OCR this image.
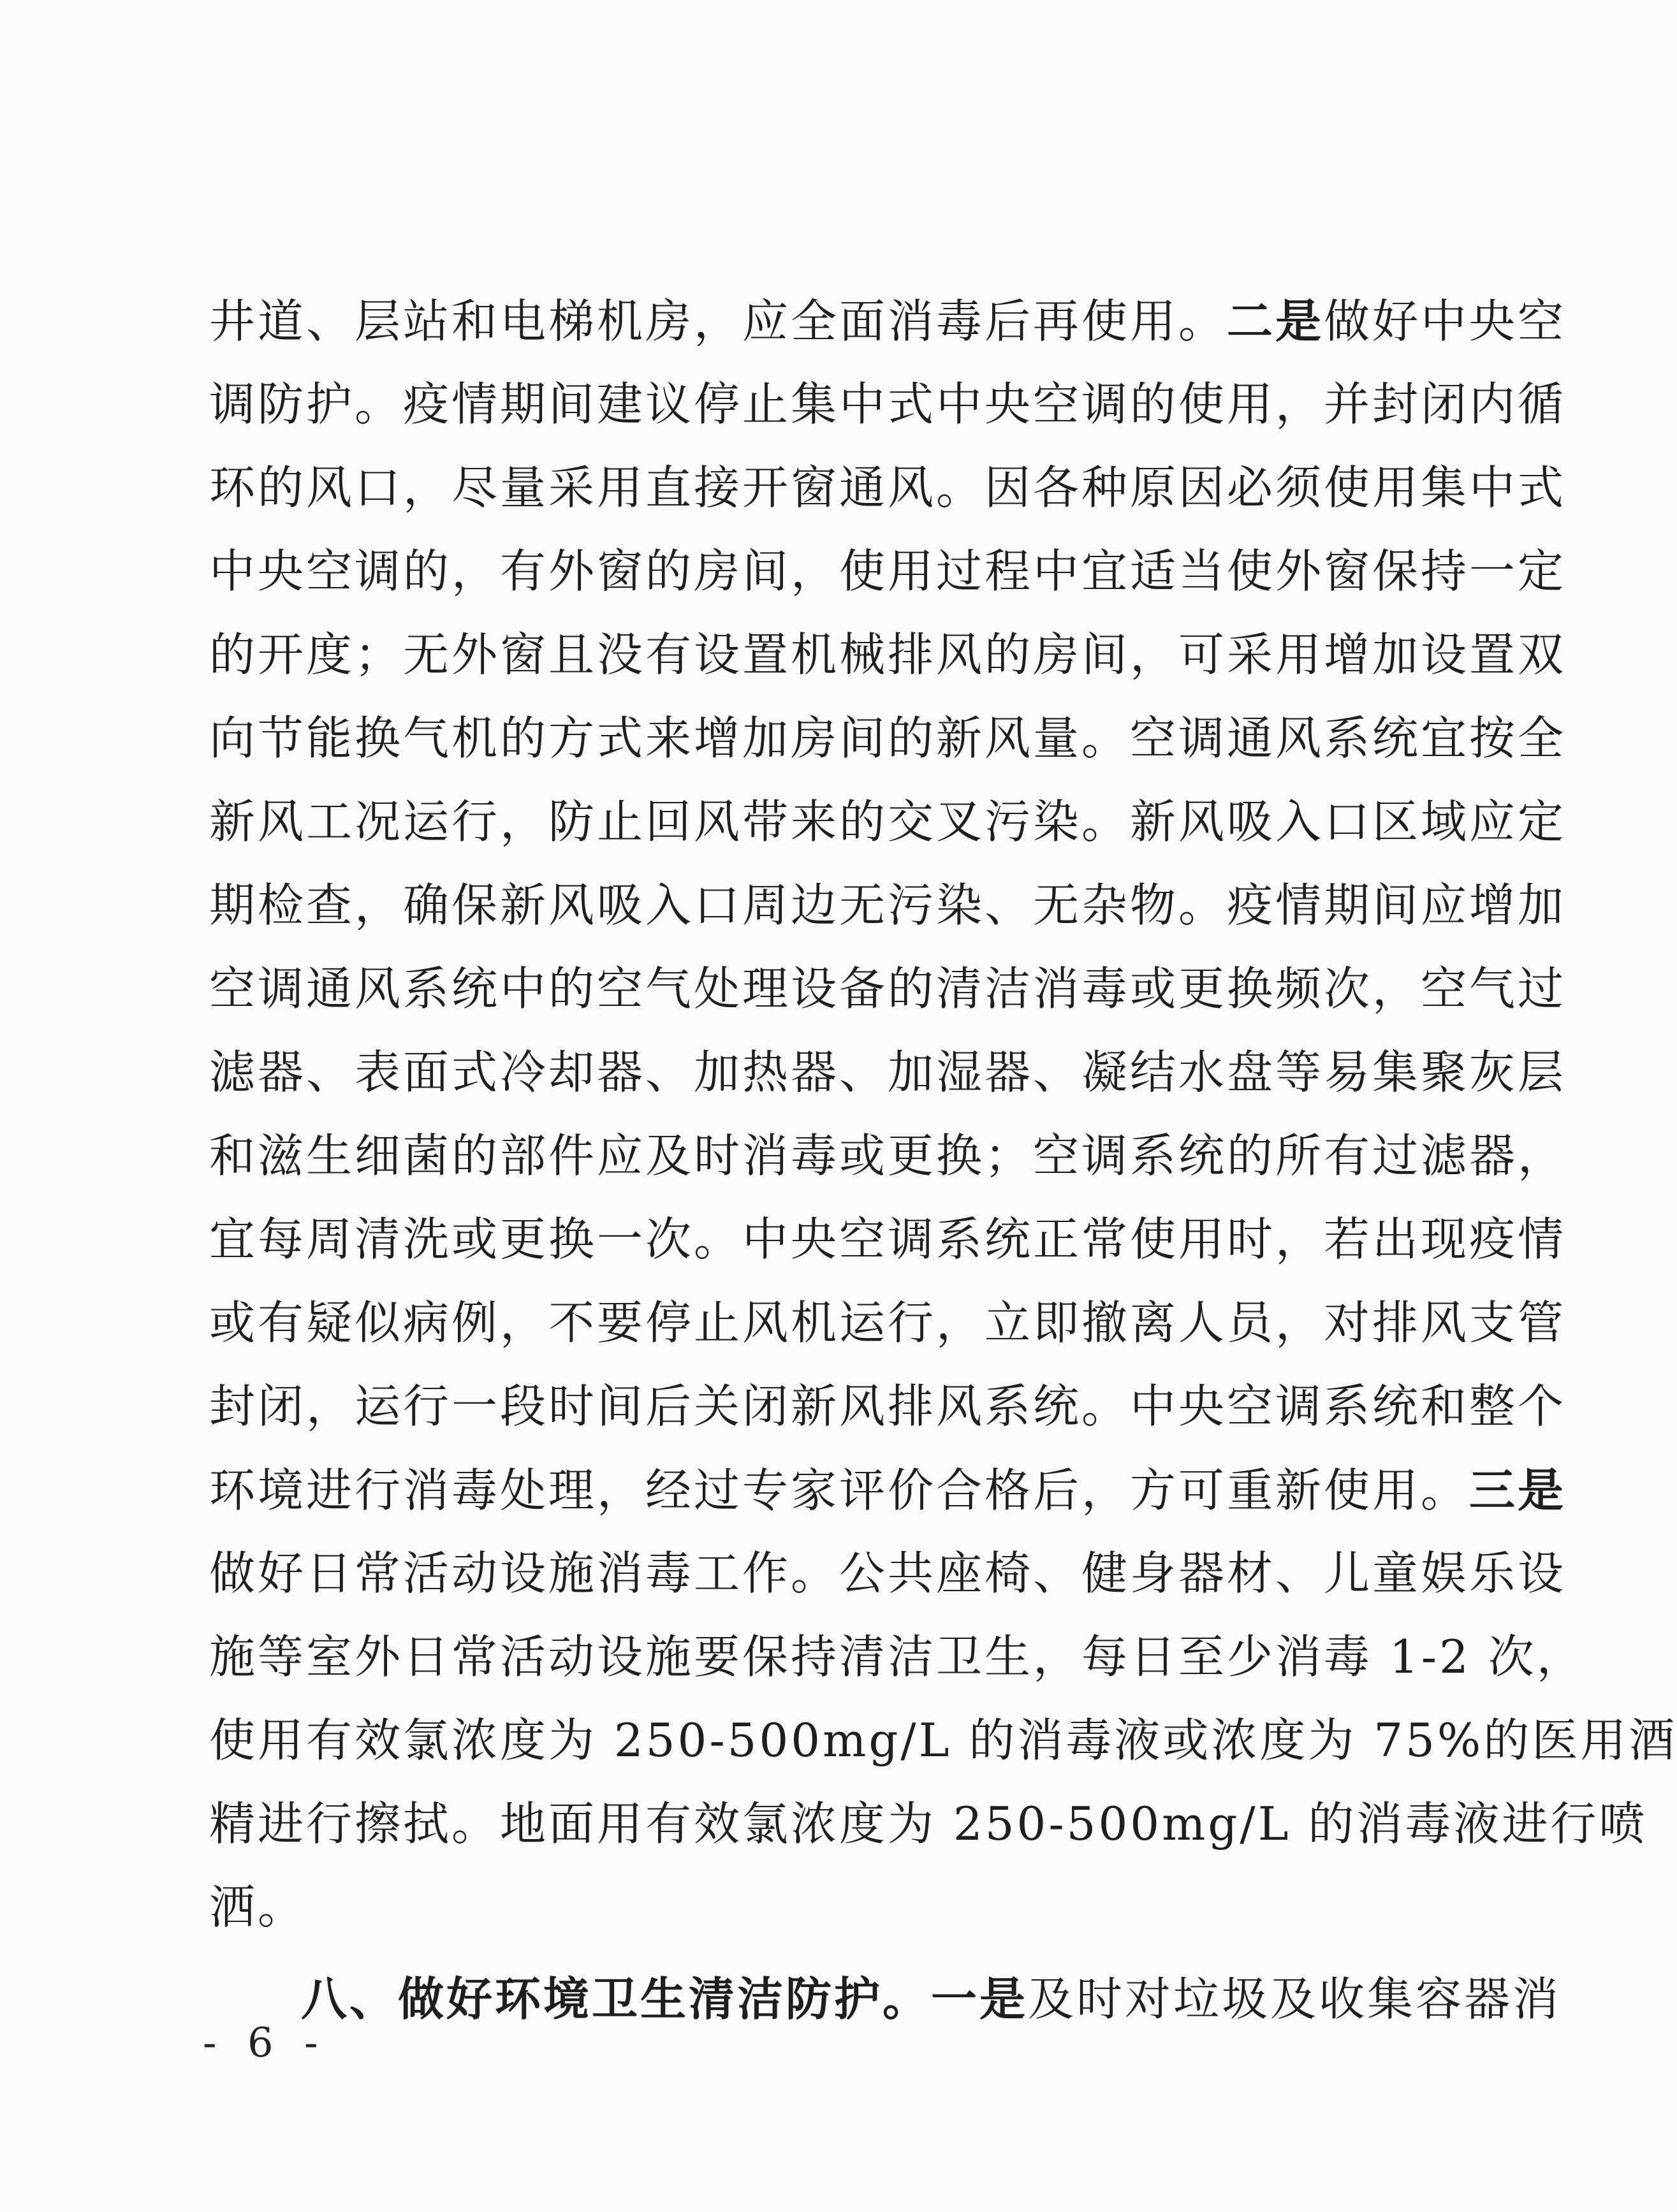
井道、层站和电梯机房，应全面消毒后再使用。二是做好中央空
调防护。疫情期间建议停止集中式中央空调的使用，并封闭内循
环的风口，尽量采用直接开窗通风。因各种原因必须使用集中式
中央空调的，有外窗的房间，使用过程中宜适当使外窗保持一定
的开度；无外窗且没有设置机械排风的房间，可采用增加设置双
向节能换气机的方式来增加房间的新风量。空调通风系统宜按全
新风工况运行，防止回风带来的交叉污染。新风吸入口区域应定
期检查，确保新风吸入口周边无污染、无杂物。疫情期间应增加
空调通风系统中的空气处理设备的清洁消毒或更换频次，空气过
滤器、表面式冷却器、加热器、加湿器、凝结水盘等易集聚灰层
和滋生细菌的部件应及时消毒或更换；空调系统的所有过滤器，
宜每周清洗或更换一次。中央空调系统正常使用时，若出现疫情
或有疑似病例，不要停止风机运行，立即撤离人员，对排风支管
封闭，运行一段时间后关闭新风排风系统。中央空调系统和整个
环境进行消毒处理，经过专家评价合格后，方可重新使用。三是
做好日常活动设施消毒工作。公共座椅、健身器材、儿童娱乐设
施等室外日常活动设施要保持清洁卫生，每日至少消毒 1-2 次，
使用有效氯浓度为 250-500mg/L 的消毒液或浓度为 75%的医用酒
精进行擦拭。地面用有效氯浓度为 250-500mg/L 的消毒液进行喷
洒。
八、做好环境卫生清洁防护。一是及时对垃圾及收集容器消
- 6 -
